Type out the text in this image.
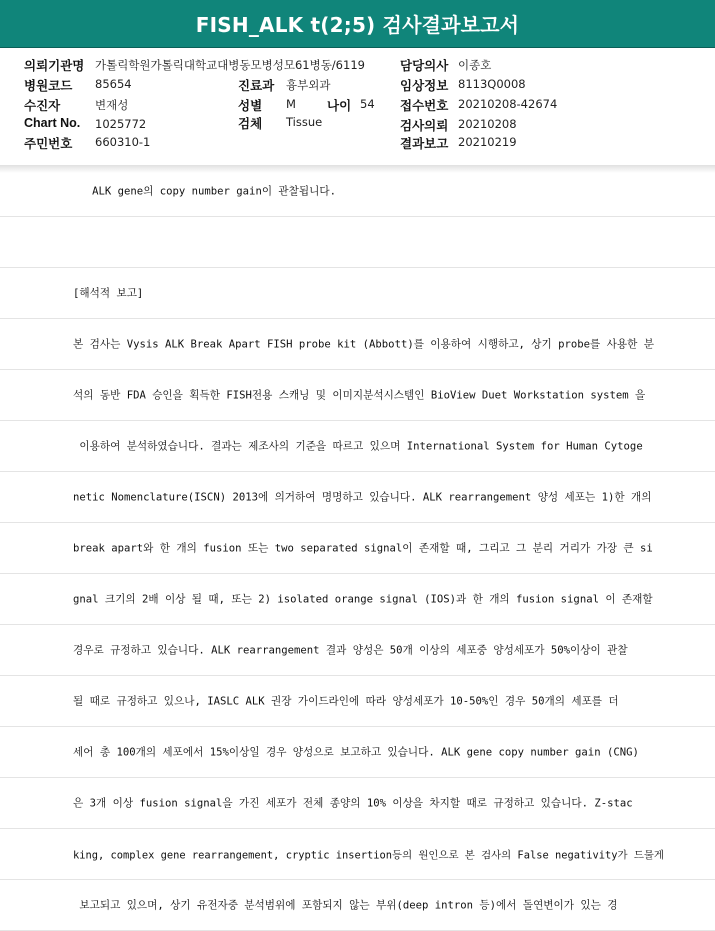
FISH_ALK t(2;5) 검사결과보고서
의뢰기관명 가톨릭학원가톨릭대학교대병동모병성모61병동/6119
병원코드 85654
수진자	변재성
Chart No. 1025772
주민번호 660310-1
진료과 흉부외과
성별 M 나이 54
검체 Tissue
담당의사 이종호
임상정보 8113Q0008
접수번호 20210208-42674
검사의뢰 20210208
결과보고 20210219
ALK gene의 copy number gain이 관찰됩니다.
[해석적 보고]
본 검사는 Vysis ALK Break Apart FISH probe kit (Abbott)를 이용하여 시행하고, 상기 probe를 사용한 분
석의 동반 FDA 승인을 획득한 FISH전용 스캐닝 및 이미지분석시스템인 BioView Duet Workstation system 을
이용하여 분석하였습니다. 결과는 제조사의 기준을 따르고 있으며 International System for Human Cytoge
netic Nomenclature(ISCN) 2013에 의거하여 명명하고 있습니다. ALK rearrangement 양성 세포는 1)한 개의
break apart와 한 개의 fusion 또는 two separated signal이 존재할 때, 그리고 그 분리 거리가 가장 큰 si
gnal 크기의 2배 이상 될 때, 또는 2) isolated orange signal (IOS)과 한 개의 fusion signal 이 존재할
경우로 규정하고 있습니다. ALK rearrangement 결과 양성은 50개 이상의 세포중 양성세포가 50%이상이 관찰
될 때로 규정하고 있으나, IASLC ALK 권장 가이드라인에 따라 양성세포가 10-50%인 경우 50개의 세포를 더
세어 총 100개의 세포에서 15%이상일 경우 양성으로 보고하고 있습니다. ALK gene copy number gain (CNG)
은 3개 이상 fusion signal을 가진 세포가 전체 종양의 10% 이상을 차지할 때로 규정하고 있습니다. Z-stac
king, complex gene rearrangement, cryptic insertion등의 원인으로 본 검사의 False negativity가 드물게
보고되고 있으며, 상기 유전자중 분석범위에 포함되지 않는 부위(deep intron 등)에서 돌연변이가 있는 경
